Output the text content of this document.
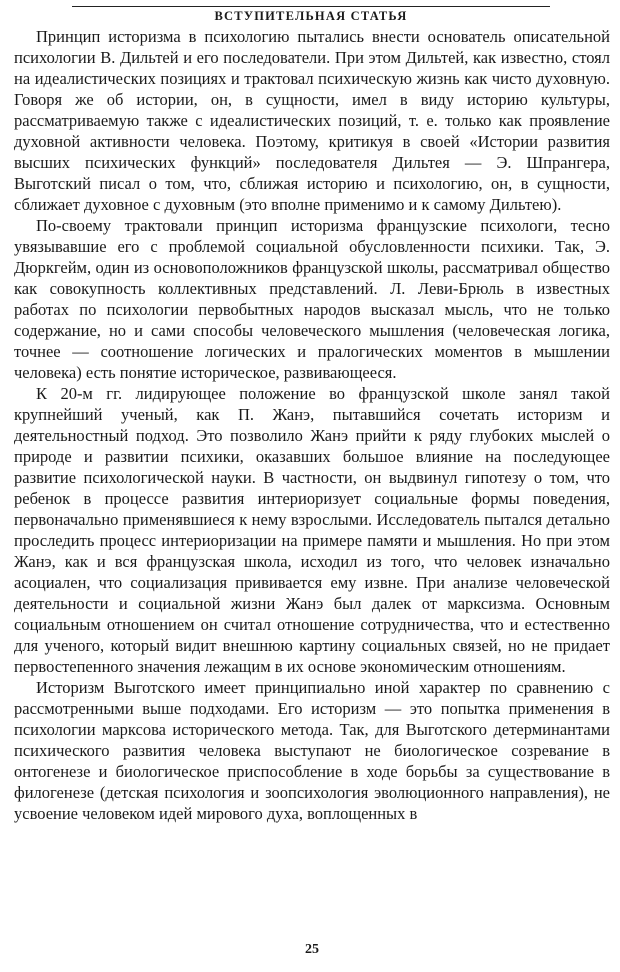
ВСТУПИТЕЛЬНАЯ СТАТЬЯ

Принцип историзма в психологию пытались внести основатель описательной психологии В. Дильтей и его последователи. При этом Дильтей, как известно, стоял на идеалистических позициях и трактовал психическую жизнь как чисто духовную. Говоря же об истории, он, в сущности, имел в виду историю культуры, рассматриваемую также с идеалистических позиций, т. е. только как проявление духовной активности человека. Поэтому, критикуя в своей «Истории развития высших психических функций» последователя Дильтея — Э. Шпрангера, Выготский писал о том, что, сближая историю и психологию, он, в сущности, сближает духовное с духовным (это вполне применимо и к самому Дильтею).

По-своему трактовали принцип историзма французские психологи, тесно увязывавшие его с проблемой социальной обусловленности психики. Так, Э. Дюркгейм, один из основоположников французской школы, рассматривал общество как совокупность коллективных представлений. Л. Леви-Брюль в известных работах по психологии первобытных народов высказал мысль, что не только содержание, но и сами способы человеческого мышления (человеческая логика, точнее — соотношение логических и пралогических моментов в мышлении человека) есть понятие историческое, развивающееся.

К 20-м гг. лидирующее положение во французской школе занял такой крупнейший ученый, как П. Жанэ, пытавшийся сочетать историзм и деятельностный подход. Это позволило Жанэ прийти к ряду глубоких мыслей о природе и развитии психики, оказавших большое влияние на последующее развитие психологической науки. В частности, он выдвинул гипотезу о том, что ребенок в процессе развития интериоризует социальные формы поведения, первоначально применявшиеся к нему взрослыми. Исследователь пытался детально проследить процесс интериоризации на примере памяти и мышления. Но при этом Жанэ, как и вся французская школа, исходил из того, что человек изначально асоциален, что социализация прививается ему извне. При анализе человеческой деятельности и социальной жизни Жанэ был далек от марксизма. Основным социальным отношением он считал отношение сотрудничества, что и естественно для ученого, который видит внешнюю картину социальных связей, но не придает первостепенного значения лежащим в их основе экономическим отношениям.

Историзм Выготского имеет принципиально иной характер по сравнению с рассмотренными выше подходами. Его историзм — это попытка применения в психологии марксова исторического метода. Так, для Выготского детерминантами психического развития человека выступают не биологическое созревание в онтогенезе и биологическое приспособление в ходе борьбы за существование в филогенезе (детская психология и зоопсихология эволюционного направления), не усвоение человеком идей мирового духа, воплощенных в

25
